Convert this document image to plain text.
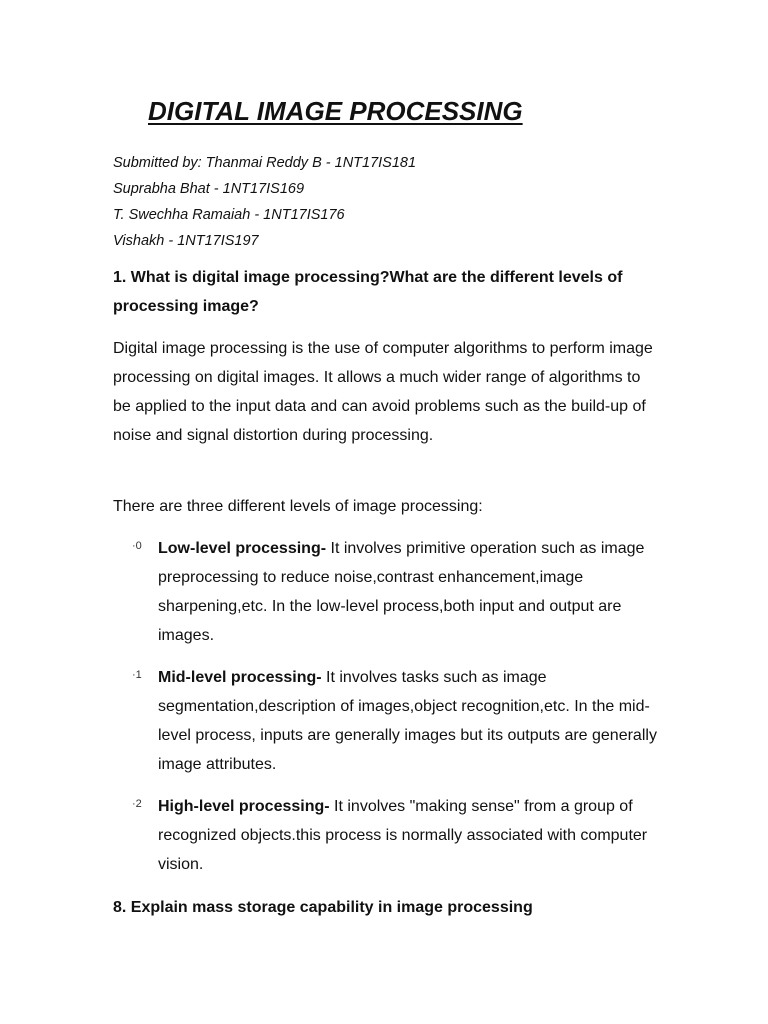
DIGITAL IMAGE PROCESSING
Submitted by: Thanmai Reddy B - 1NT17IS181
Suprabha Bhat - 1NT17IS169
T. Swechha Ramaiah - 1NT17IS176
Vishakh - 1NT17IS197
1. What is digital image processing?What are the different levels of processing image?

Digital image processing is the use of computer algorithms to perform image processing on digital images. It allows a much wider range of algorithms to be applied to the input data and can avoid problems such as the build-up of noise and signal distortion during processing.

There are three different levels of image processing:

·0	Low-level processing- It involves primitive operation such as image preprocessing to reduce noise,contrast enhancement,image sharpening,etc. In the low-level process,both input and output are images.

·1	Mid-level processing- It involves tasks such as image segmentation,description of images,object recognition,etc. In the mid-level process, inputs are generally images but its outputs are generally image attributes.

·2	High-level processing- It involves "making sense" from a group of recognized objects.this process is normally associated with computer vision.

8. Explain mass storage capability in image processing
